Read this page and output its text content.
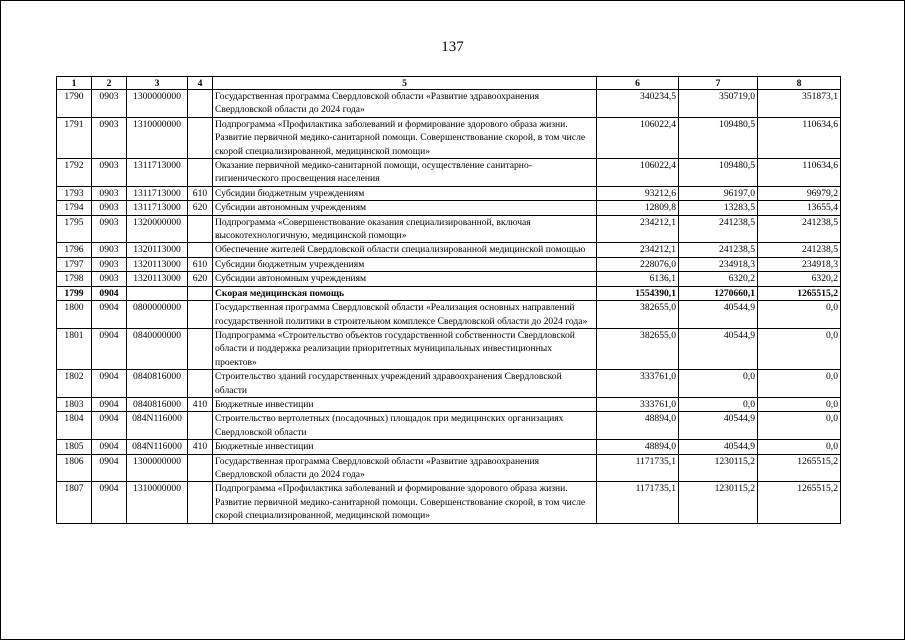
137
1	2	3	4	5	6	7	8
1790	0903	1300000000		Государственная программа Свердловской области «Развитие здравоохранения Свердловской области до 2024 года»	340234,5	350719,0	351873,1
1791	0903	1310000000		Подпрограмма «Профилактика заболеваний и формирование здорового образа жизни. Развитие первичной медико-санитарной помощи. Совершенствование скорой, в том числе скорой специализированной, медицинской помощи»	106022,4	109480,5	110634,6
1792	0903	1311713000		Оказание первичной медико-санитарной помощи, осуществление санитарно-гигиенического просвещения населения	106022,4	109480,5	110634,6
1793	0903	1311713000	610	Субсидии бюджетным учреждениям	93212,6	96197,0	96979,2
1794	0903	1311713000	620	Субсидии автономным учреждениям	12809,8	13283,5	13655,4
1795	0903	1320000000		Подпрограмма «Совершенствование оказания специализированной, включая высокотехнологичную, медицинской помощи»	234212,1	241238,5	241238,5
1796	0903	1320113000		Обеспечение жителей Свердловской области специализированной медицинской помощью	234212,1	241238,5	241238,5
1797	0903	1320113000	610	Субсидии бюджетным учреждениям	228076,0	234918,3	234918,3
1798	0903	1320113000	620	Субсидии автономным учреждениям	6136,1	6320,2	6320,2
1799	0904			Скорая медицинская помощь	1554390,1	1270660,1	1265515,2
1800	0904	0800000000		Государственная программа Свердловской области «Реализация основных направлений государственной политики в строительном комплексе Свердловской области до 2024 года»	382655,0	40544,9	0,0
1801	0904	0840000000		Подпрограмма «Строительство объектов государственной собственности Свердловской области и поддержка реализации приоритетных муниципальных инвестиционных проектов»	382655,0	40544,9	0,0
1802	0904	0840816000		Строительство зданий государственных учреждений здравоохранения Свердловской области	333761,0	0,0	0,0
1803	0904	0840816000	410	Бюджетные инвестиции	333761,0	0,0	0,0
1804	0904	084N116000		Строительство вертолетных (посадочных) площадок при медицинских организациях Свердловской области	48894,0	40544,9	0,0
1805	0904	084N116000	410	Бюджетные инвестиции	48894,0	40544,9	0,0
1806	0904	1300000000		Государственная программа Свердловской области «Развитие здравоохранения Свердловской области до 2024 года»	1171735,1	1230115,2	1265515,2
1807	0904	1310000000		Подпрограмма «Профилактика заболеваний и формирование здорового образа жизни. Развитие первичной медико-санитарной помощи. Совершенствование скорой, в том числе скорой специализированной, медицинской помощи»	1171735,1	1230115,2	1265515,2
